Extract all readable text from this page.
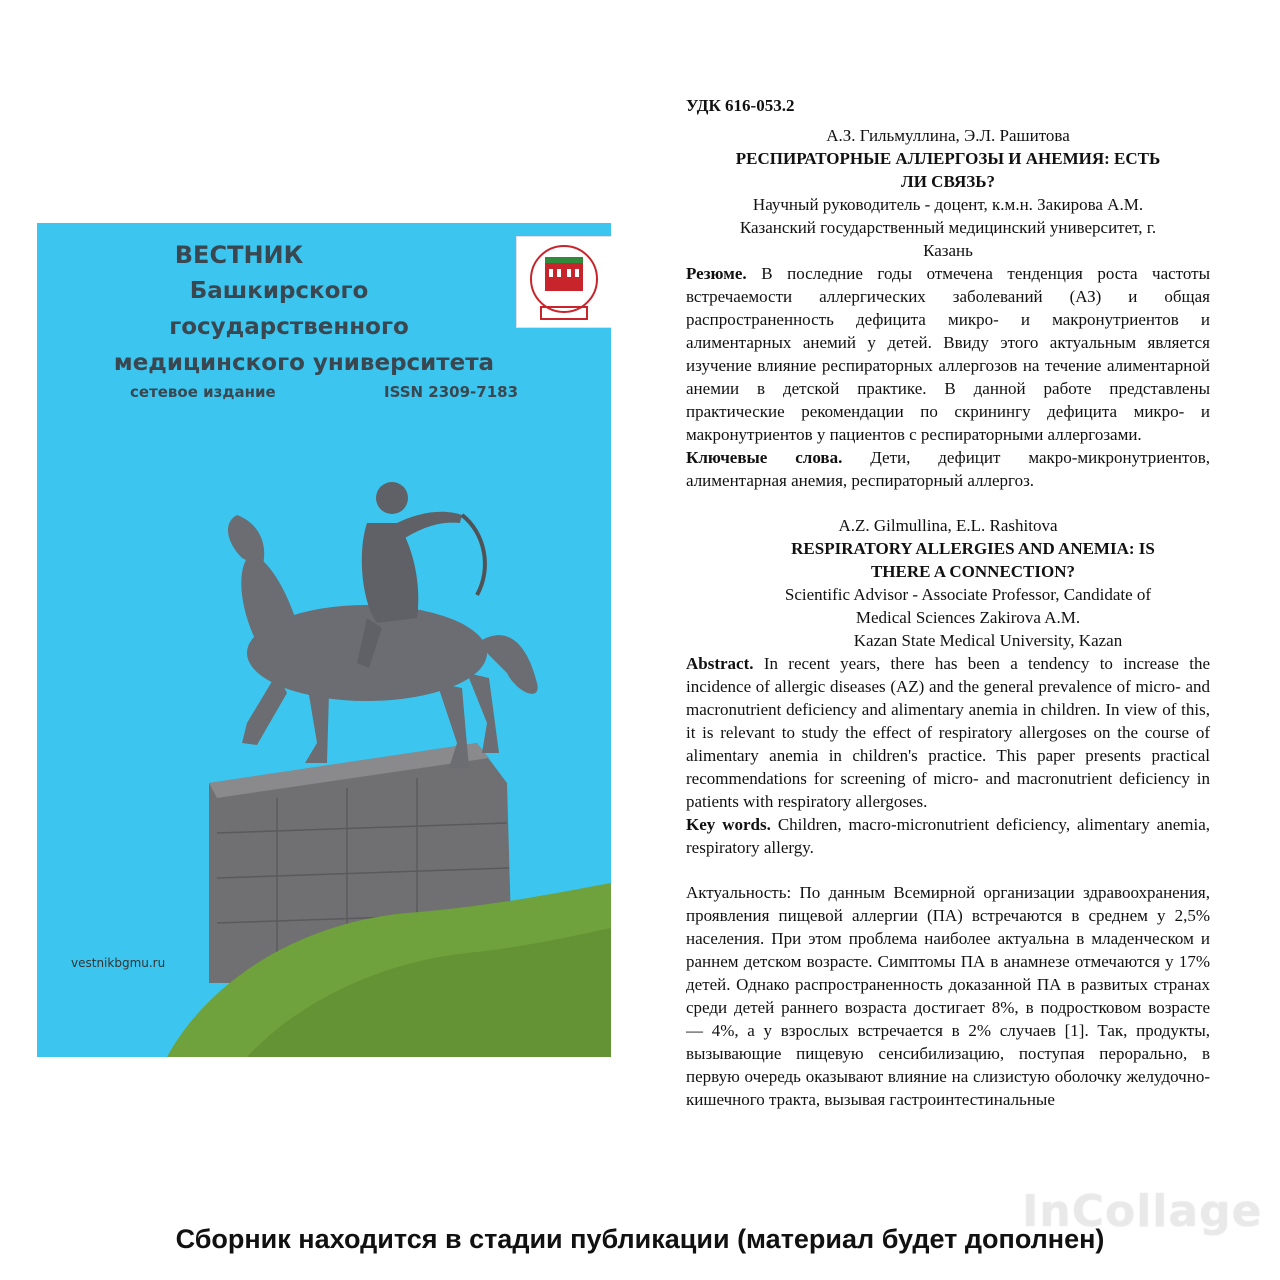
ВЕСТНИК
Башкирского
государственного
медицинского университета
сетевое издание	ISSN 2309-7183
vestnikbgmu.ru

УДК 616-053.2

А.З. Гильмуллина, Э.Л. Рашитова

РЕСПИРАТОРНЫЕ АЛЛЕРГОЗЫ И АНЕМИЯ: ЕСТЬ

ЛИ СВЯЗЬ?

Научный руководитель - доцент, к.м.н. Закирова А.М.

Казанский государственный медицинский университет, г.

Казань

Резюме. В последние годы отмечена тенденция роста частоты встречаемости аллергических заболеваний (АЗ) и общая распространенность дефицита микро- и макронутриентов и алиментарных анемий у детей. Ввиду этого актуальным является изучение влияние респираторных аллергозов на течение алиментарной анемии в детской практике. В данной работе представлены практические рекомендации по скринингу дефицита микро- и макронутриентов у пациентов с респираторными аллергозами.

Ключевые слова. Дети, дефицит макро-микронутриентов, алиментарная анемия, респираторный аллергоз.

A.Z. Gilmullina, E.L. Rashitova

RESPIRATORY ALLERGIES AND ANEMIA: IS

THERE A CONNECTION?

Scientific Advisor - Associate Professor, Candidate of

Medical Sciences Zakirova A.M.

Kazan State Medical University, Kazan

Abstract. In recent years, there has been a tendency to increase the incidence of allergic diseases (AZ) and the general prevalence of micro- and macronutrient deficiency and alimentary anemia in children. In view of this, it is relevant to study the effect of respiratory allergoses on the course of alimentary anemia in children's practice. This paper presents practical recommendations for screening of micro- and macronutrient deficiency in patients with respiratory allergoses.

Key words. Children, macro-micronutrient deficiency, alimentary anemia, respiratory allergy.

Актуальность: По данным Всемирной организации здравоохранения, проявления пищевой аллергии (ПА) встречаются в среднем у 2,5% населения. При этом проблема наиболее актуальна в младенческом и раннем детском возрасте. Симптомы ПА в анамнезе отмечаются у 17% детей. Однако распространенность доказанной ПА в развитых странах среди детей раннего возраста достигает 8%, в подростковом возрасте — 4%, а у взрослых встречается в 2% случаев [1]. Так, продукты, вызывающие пищевую сенсибилизацию, поступая перорально, в первую очередь оказывают влияние на слизистую оболочку желудочно-кишечного тракта, вызывая гастроинтестинальные

Сборник находится в стадии публикации (материал будет дополнен)
InCollage
